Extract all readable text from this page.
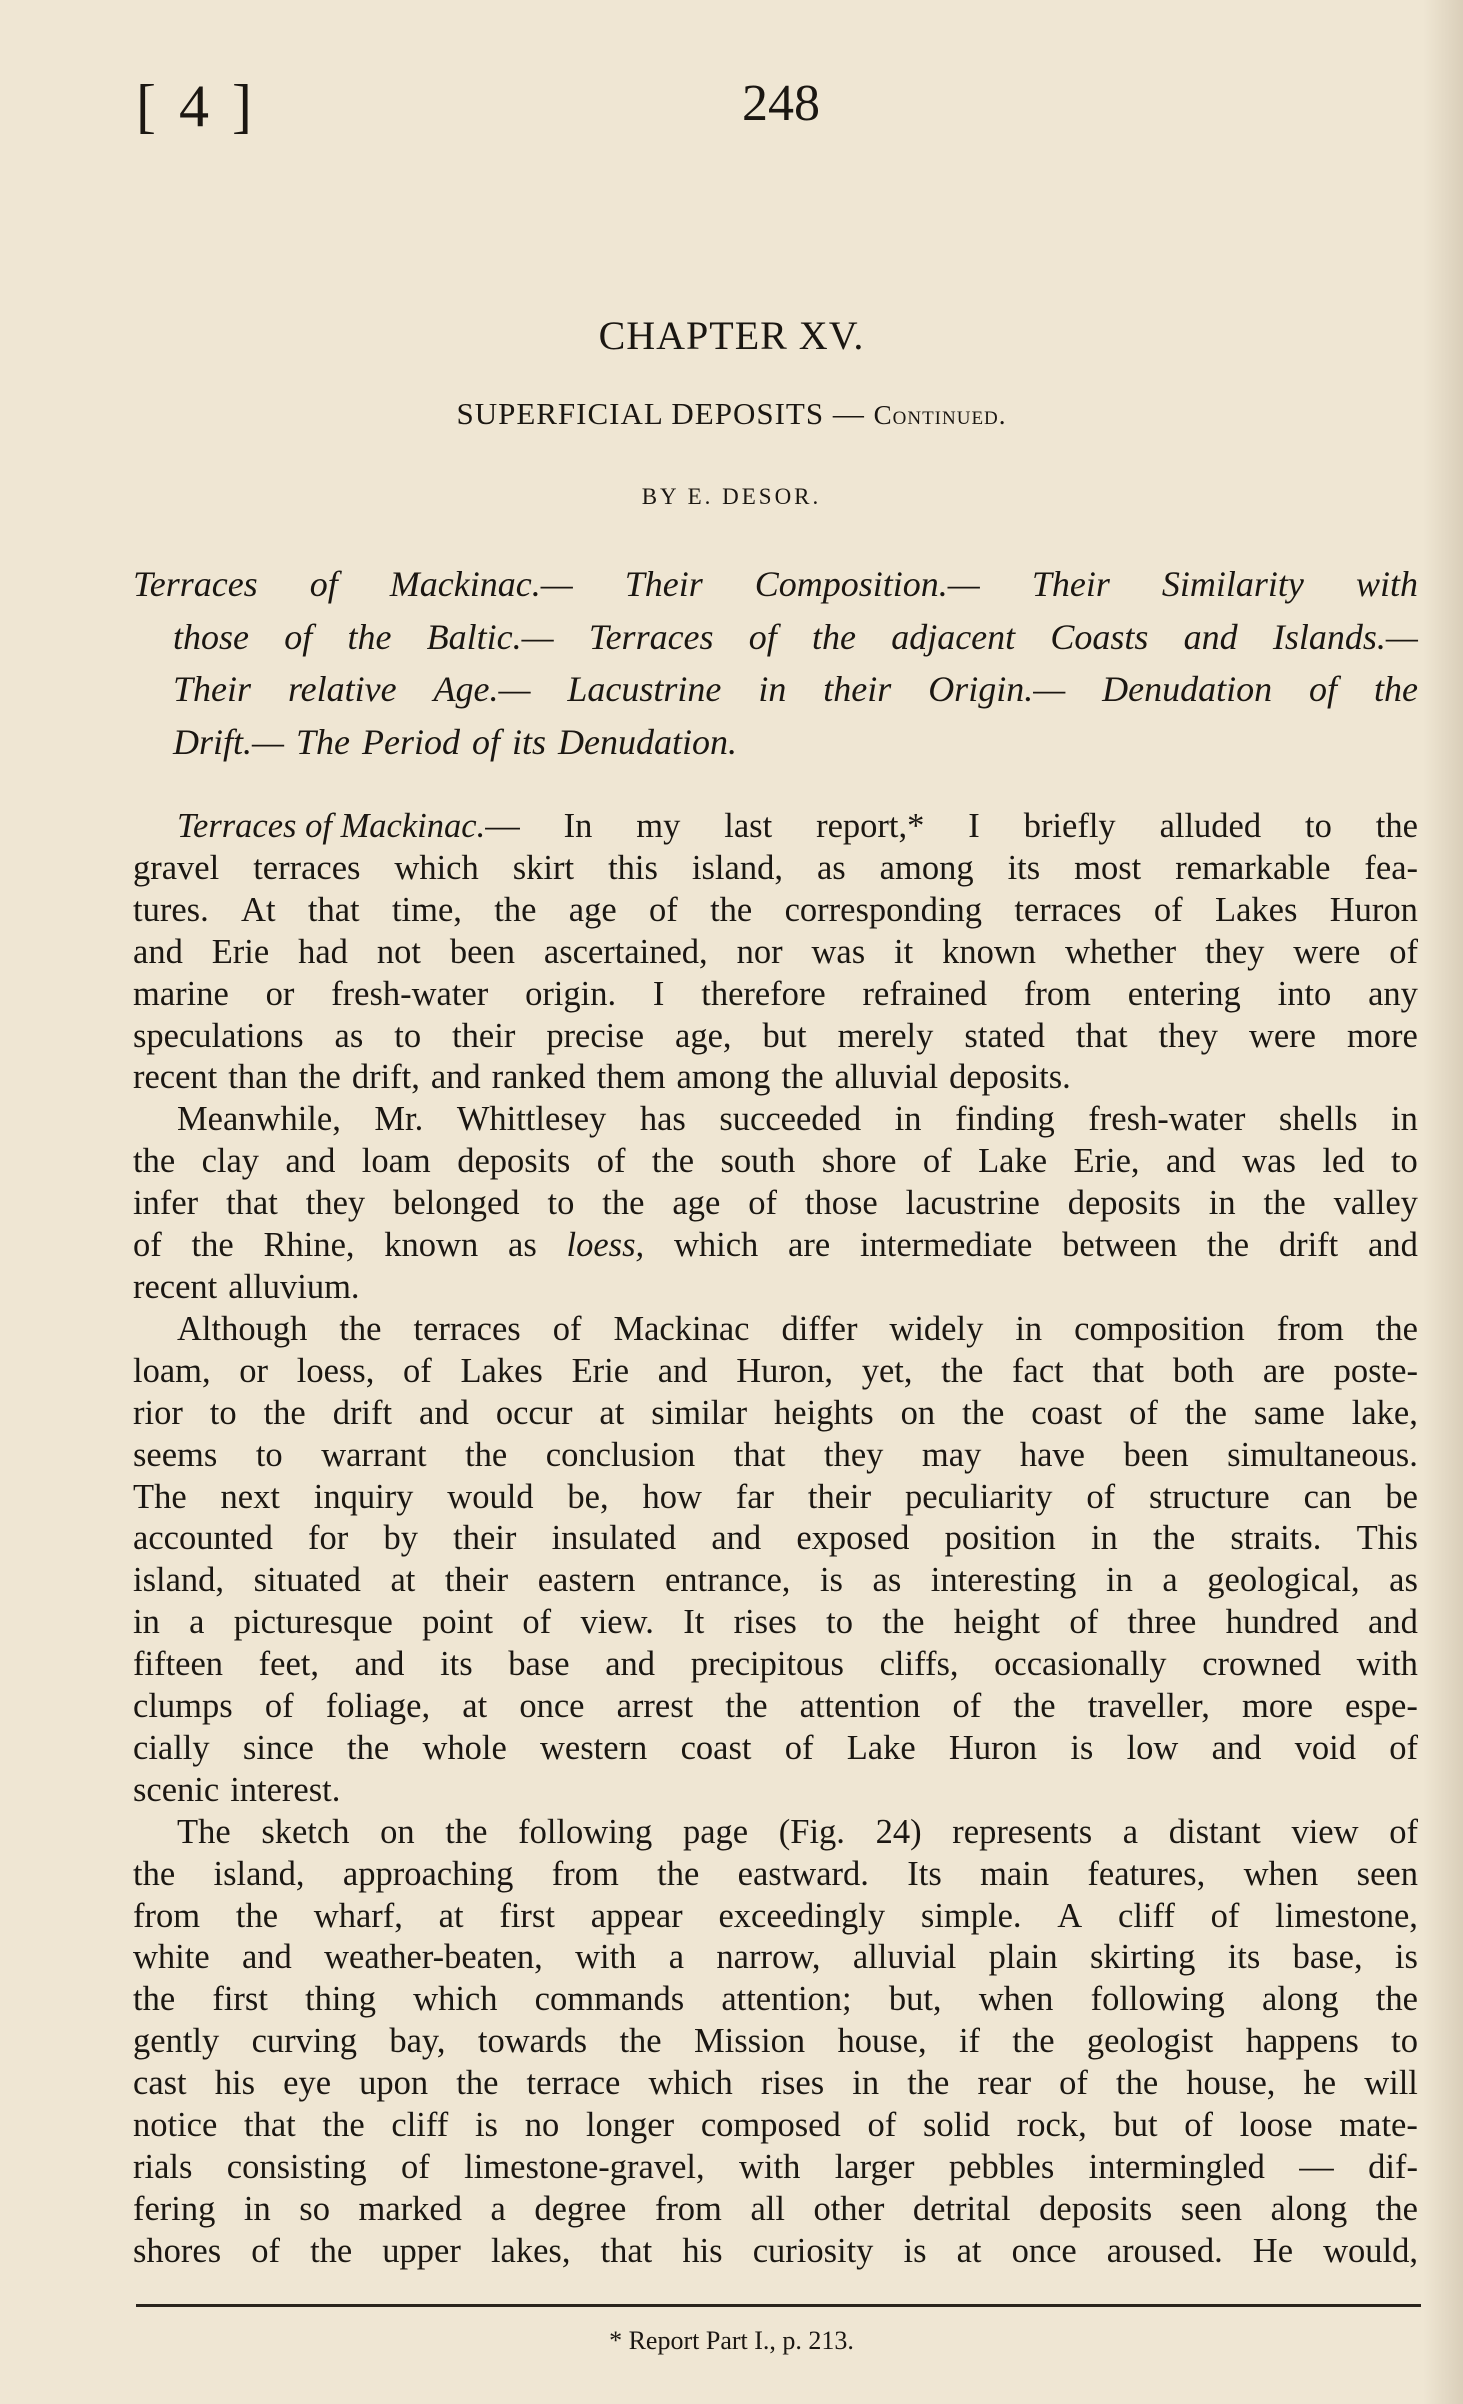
[ 4 ]	248
CHAPTER XV.
SUPERFICIAL DEPOSITS — Continued.
BY E. DESOR.
Terraces of Mackinac.— Their Composition.— Their Similarity with
those of the Baltic.— Terraces of the adjacent Coasts and Islands.—
Their relative Age.— Lacustrine in their Origin.— Denudation of the
Drift.— The Period of its Denudation.
Terraces of Mackinac.— In my last report,* I briefly alluded to the
gravel terraces which skirt this island, as among its most remarkable fea-
tures. At that time, the age of the corresponding terraces of Lakes Huron
and Erie had not been ascertained, nor was it known whether they were of
marine or fresh-water origin. I therefore refrained from entering into any
speculations as to their precise age, but merely stated that they were more
recent than the drift, and ranked them among the alluvial deposits.
Meanwhile, Mr. Whittlesey has succeeded in finding fresh-water shells in
the clay and loam deposits of the south shore of Lake Erie, and was led to
infer that they belonged to the age of those lacustrine deposits in the valley
of the Rhine, known as loess, which are intermediate between the drift and
recent alluvium.
Although the terraces of Mackinac differ widely in composition from the
loam, or loess, of Lakes Erie and Huron, yet, the fact that both are poste-
rior to the drift and occur at similar heights on the coast of the same lake,
seems to warrant the conclusion that they may have been simultaneous.
The next inquiry would be, how far their peculiarity of structure can be
accounted for by their insulated and exposed position in the straits. This
island, situated at their eastern entrance, is as interesting in a geological, as
in a picturesque point of view. It rises to the height of three hundred and
fifteen feet, and its base and precipitous cliffs, occasionally crowned with
clumps of foliage, at once arrest the attention of the traveller, more espe-
cially since the whole western coast of Lake Huron is low and void of
scenic interest.
The sketch on the following page (Fig. 24) represents a distant view of
the island, approaching from the eastward. Its main features, when seen
from the wharf, at first appear exceedingly simple. A cliff of limestone,
white and weather-beaten, with a narrow, alluvial plain skirting its base, is
the first thing which commands attention; but, when following along the
gently curving bay, towards the Mission house, if the geologist happens to
cast his eye upon the terrace which rises in the rear of the house, he will
notice that the cliff is no longer composed of solid rock, but of loose mate-
rials consisting of limestone-gravel, with larger pebbles intermingled — dif-
fering in so marked a degree from all other detrital deposits seen along the
shores of the upper lakes, that his curiosity is at once aroused. He would,
* Report Part I., p. 213.
